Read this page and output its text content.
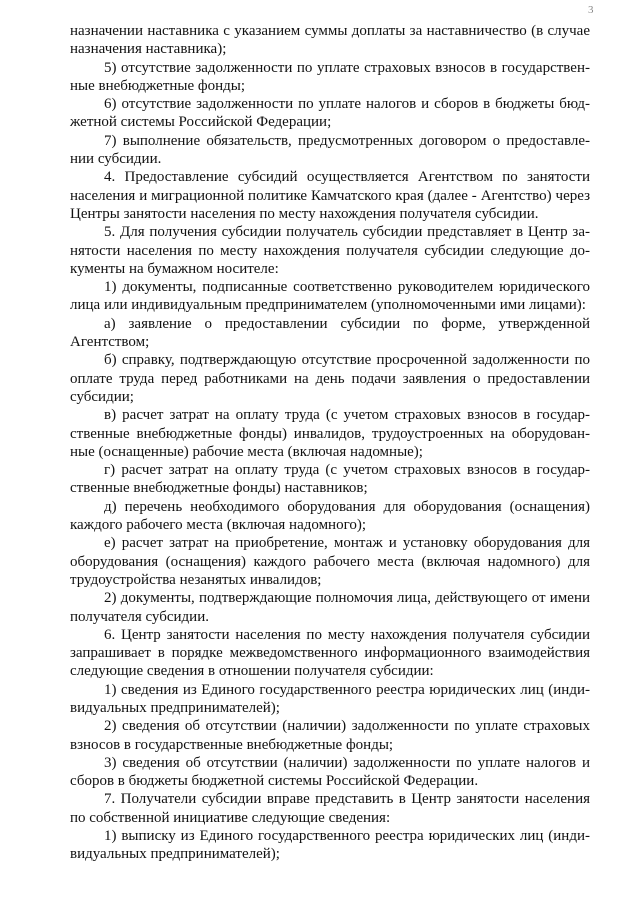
3

назначении наставника с указанием суммы доплаты за наставничество (в случае назначения наставника);

5) отсутствие задолженности по уплате страховых взносов в государственные внебюджетные фонды;

6) отсутствие задолженности по уплате налогов и сборов в бюджеты бюджетной системы Российской Федерации;

7) выполнение обязательств, предусмотренных договором о предоставлении субсидии.

4. Предоставление субсидий осуществляется Агентством по занятости населения и миграционной политике Камчатского края (далее - Агентство) через Центры занятости населения по месту нахождения получателя субсидии.

5. Для получения субсидии получатель субсидии представляет в Центр занятости населения по месту нахождения получателя субсидии следующие документы на бумажном носителе:

1) документы, подписанные соответственно руководителем юридического лица или индивидуальным предпринимателем (уполномоченными ими лицами):

а) заявление о предоставлении субсидии по форме, утвержденной Агентством;

б) справку, подтверждающую отсутствие просроченной задолженности по оплате труда перед работниками на день подачи заявления о предоставлении субсидии;

в) расчет затрат на оплату труда (с учетом страховых взносов в государственные внебюджетные фонды) инвалидов, трудоустроенных на оборудованные (оснащенные) рабочие места (включая надомные);

г) расчет затрат на оплату труда (с учетом страховых взносов в государственные внебюджетные фонды) наставников;

д) перечень необходимого оборудования для оборудования (оснащения) каждого рабочего места (включая надомного);

е) расчет затрат на приобретение, монтаж и установку оборудования для оборудования (оснащения) каждого рабочего места (включая надомного) для трудоустройства незанятых инвалидов;

2) документы, подтверждающие полномочия лица, действующего от имени получателя субсидии.

6. Центр занятости населения по месту нахождения получателя субсидии запрашивает в порядке межведомственного информационного взаимодействия следующие сведения в отношении получателя субсидии:

1) сведения из Единого государственного реестра юридических лиц (индивидуальных предпринимателей);

2) сведения об отсутствии (наличии) задолженности по уплате страховых взносов в государственные внебюджетные фонды;

3) сведения об отсутствии (наличии) задолженности по уплате налогов и сборов в бюджеты бюджетной системы Российской Федерации.

7. Получатели субсидии вправе представить в Центр занятости населения по собственной инициативе следующие сведения:

1) выписку из Единого государственного реестра юридических лиц (индивидуальных предпринимателей);
